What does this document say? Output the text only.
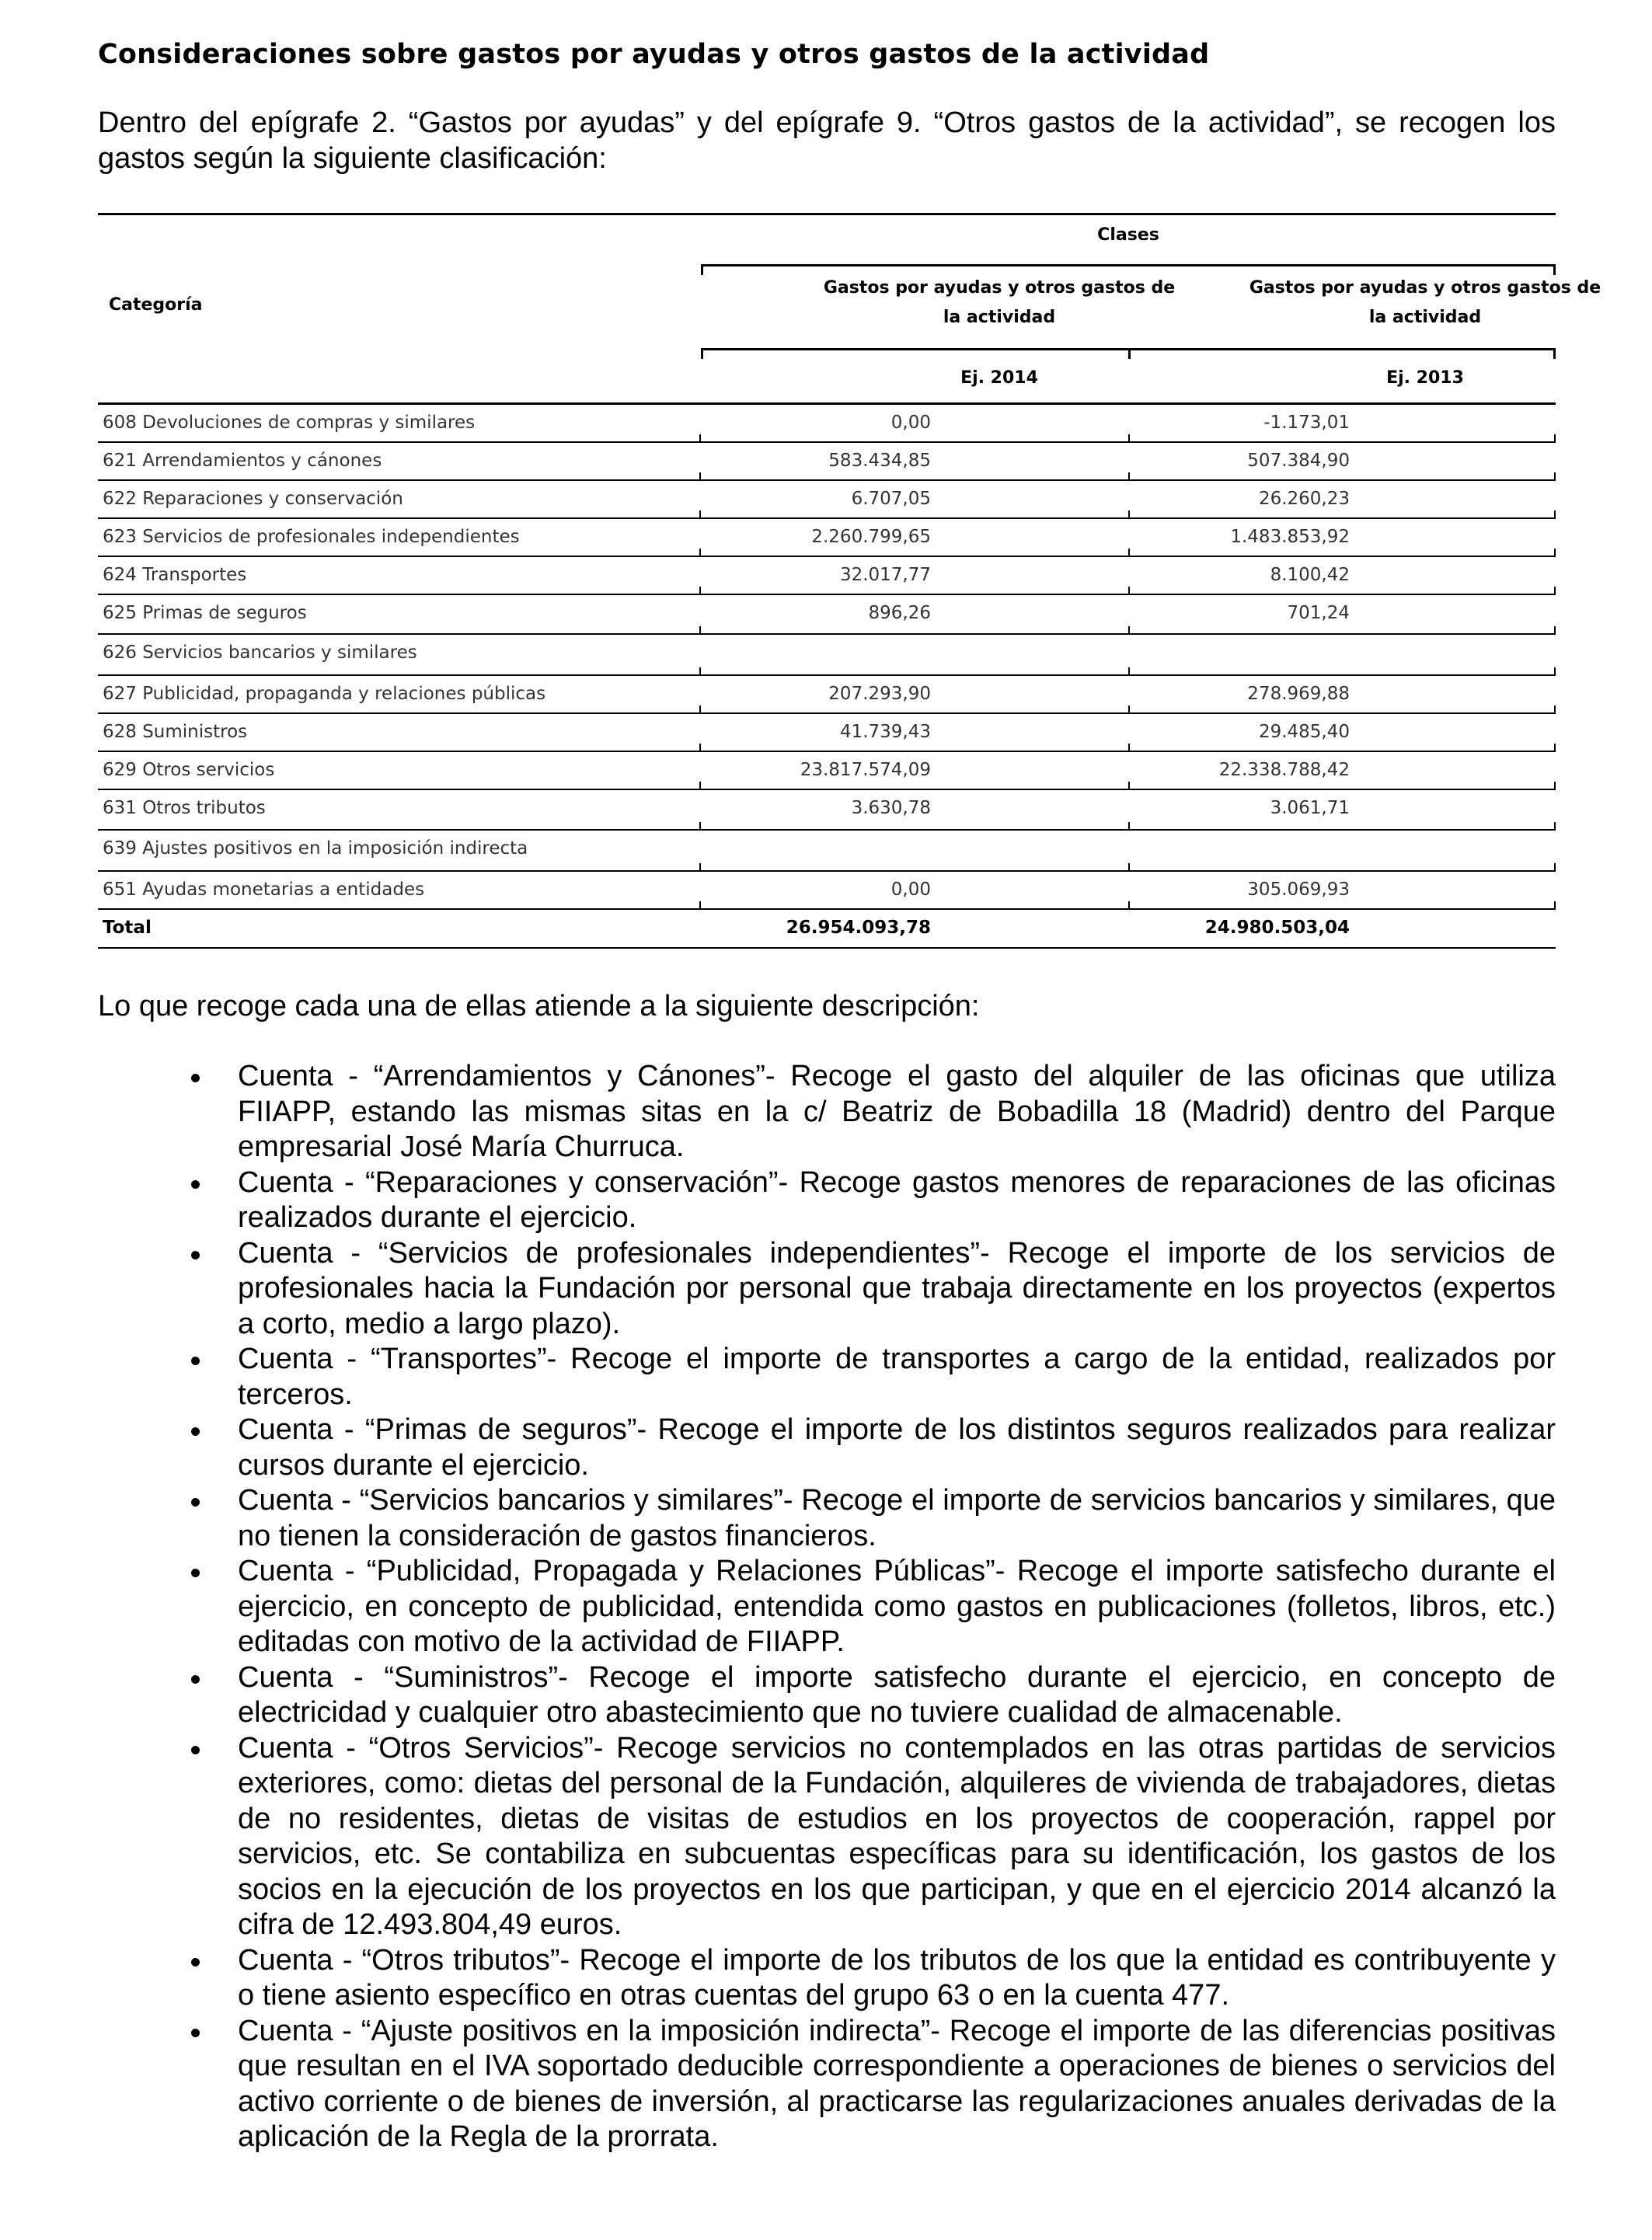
Consideraciones sobre gastos por ayudas y otros gastos de la actividad
Dentro del epígrafe 2. “Gastos por ayudas” y del epígrafe 9. “Otros gastos de la actividad”, se recogen los gastos según la siguiente clasificación:
Clases
Categoría
Gastos por ayudas y otros gastos de la actividad
Gastos por ayudas y otros gastos de la actividad
Ej. 2014	Ej. 2013
608 Devoluciones de compras y similares	0,00	-1.173,01
621 Arrendamientos y cánones	583.434,85	507.384,90
622 Reparaciones y conservación	6.707,05	26.260,23
623 Servicios de profesionales independientes	2.260.799,65	1.483.853,92
624 Transportes	32.017,77	8.100,42
625 Primas de seguros	896,26	701,24
626 Servicios bancarios y similares
627 Publicidad, propaganda y relaciones públicas	207.293,90	278.969,88
628 Suministros	41.739,43	29.485,40
629 Otros servicios	23.817.574,09	22.338.788,42
631 Otros tributos	3.630,78	3.061,71
639 Ajustes positivos en la imposición indirecta
651 Ayudas monetarias a entidades	0,00	305.069,93
Total	26.954.093,78	24.980.503,04
Lo que recoge cada una de ellas atiende a la siguiente descripción:
Cuenta - “Arrendamientos y Cánones”- Recoge el gasto del alquiler de las oficinas que utiliza FIIAPP, estando las mismas sitas en la c/ Beatriz de Bobadilla 18 (Madrid) dentro del Parque empresarial José María Churruca.
Cuenta - “Reparaciones y conservación”- Recoge gastos menores de reparaciones de las oficinas realizados durante el ejercicio.
Cuenta - “Servicios de profesionales independientes”- Recoge el importe de los servicios de profesionales hacia la Fundación por personal que trabaja directamente en los proyectos (expertos a corto, medio a largo plazo).
Cuenta - “Transportes”- Recoge el importe de transportes a cargo de la entidad, realizados por terceros.
Cuenta - “Primas de seguros”- Recoge el importe de los distintos seguros realizados para realizar cursos durante el ejercicio.
Cuenta - “Servicios bancarios y similares”- Recoge el importe de servicios bancarios y similares, que no tienen la consideración de gastos financieros.
Cuenta - “Publicidad, Propagada y Relaciones Públicas”- Recoge el importe satisfecho durante el ejercicio, en concepto de publicidad, entendida como gastos en publicaciones (folletos, libros, etc.) editadas con motivo de la actividad de FIIAPP.
Cuenta - “Suministros”- Recoge el importe satisfecho durante el ejercicio, en concepto de electricidad y cualquier otro abastecimiento que no tuviere cualidad de almacenable.
Cuenta - “Otros Servicios”- Recoge servicios no contemplados en las otras partidas de servicios exteriores, como: dietas del personal de la Fundación, alquileres de vivienda de trabajadores, dietas de no residentes, dietas de visitas de estudios en los proyectos de cooperación, rappel por servicios, etc. Se contabiliza en subcuentas específicas para su identificación, los gastos de los socios en la ejecución de los proyectos en los que participan, y que en el ejercicio 2014 alcanzó la cifra de 12.493.804,49 euros.
Cuenta - “Otros tributos”- Recoge el importe de los tributos de los que la entidad es contribuyente y o tiene asiento específico en otras cuentas del grupo 63 o en la cuenta 477.
Cuenta - “Ajuste positivos en la imposición indirecta”- Recoge el importe de las diferencias positivas que resultan en el IVA soportado deducible correspondiente a operaciones de bienes o servicios del activo corriente o de bienes de inversión, al practicarse las regularizaciones anuales derivadas de la aplicación de la Regla de la prorrata.
